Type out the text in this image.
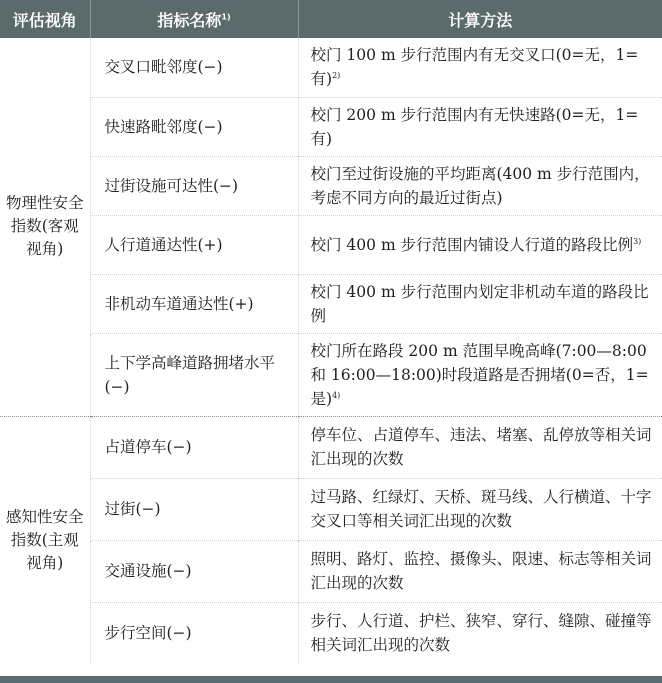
评估视角	指标名称$^{1)}$	计算方法
物理性安全指数(客观视角)	交叉口毗邻度(−)	校门 100 m 步行范围内有无交叉口(0=无，1=有)$^{2)}$
	快速路毗邻度(−)	校门 200 m 步行范围内有无快速路(0=无，1=有)
	过街设施可达性(−)	校门至过街设施的平均距离(400 m 步行范围内，考虑不同方向的最近过街点)
	人行道通达性(+)	校门 400 m 步行范围内铺设人行道的路段比例$^{3)}$
	非机动车道通达性(+)	校门 400 m 步行范围内划定非机动车道的路段比例
	上下学高峰道路拥堵水平(−)	校门所在路段 200 m 范围早晚高峰(7:00—8:00 和 16:00—18:00)时段道路是否拥堵(0=否，1=是)$^{4)}$
感知性安全指数(主观视角)	占道停车(−)	停车位、占道停车、违法、堵塞、乱停放等相关词汇出现的次数
	过街(−)	过马路、红绿灯、天桥、斑马线、人行横道、十字交叉口等相关词汇出现的次数
	交通设施(−)	照明、路灯、监控、摄像头、限速、标志等相关词汇出现的次数
	步行空间(−)	步行、人行道、护栏、狭窄、穿行、缝隙、碰撞等相关词汇出现的次数
